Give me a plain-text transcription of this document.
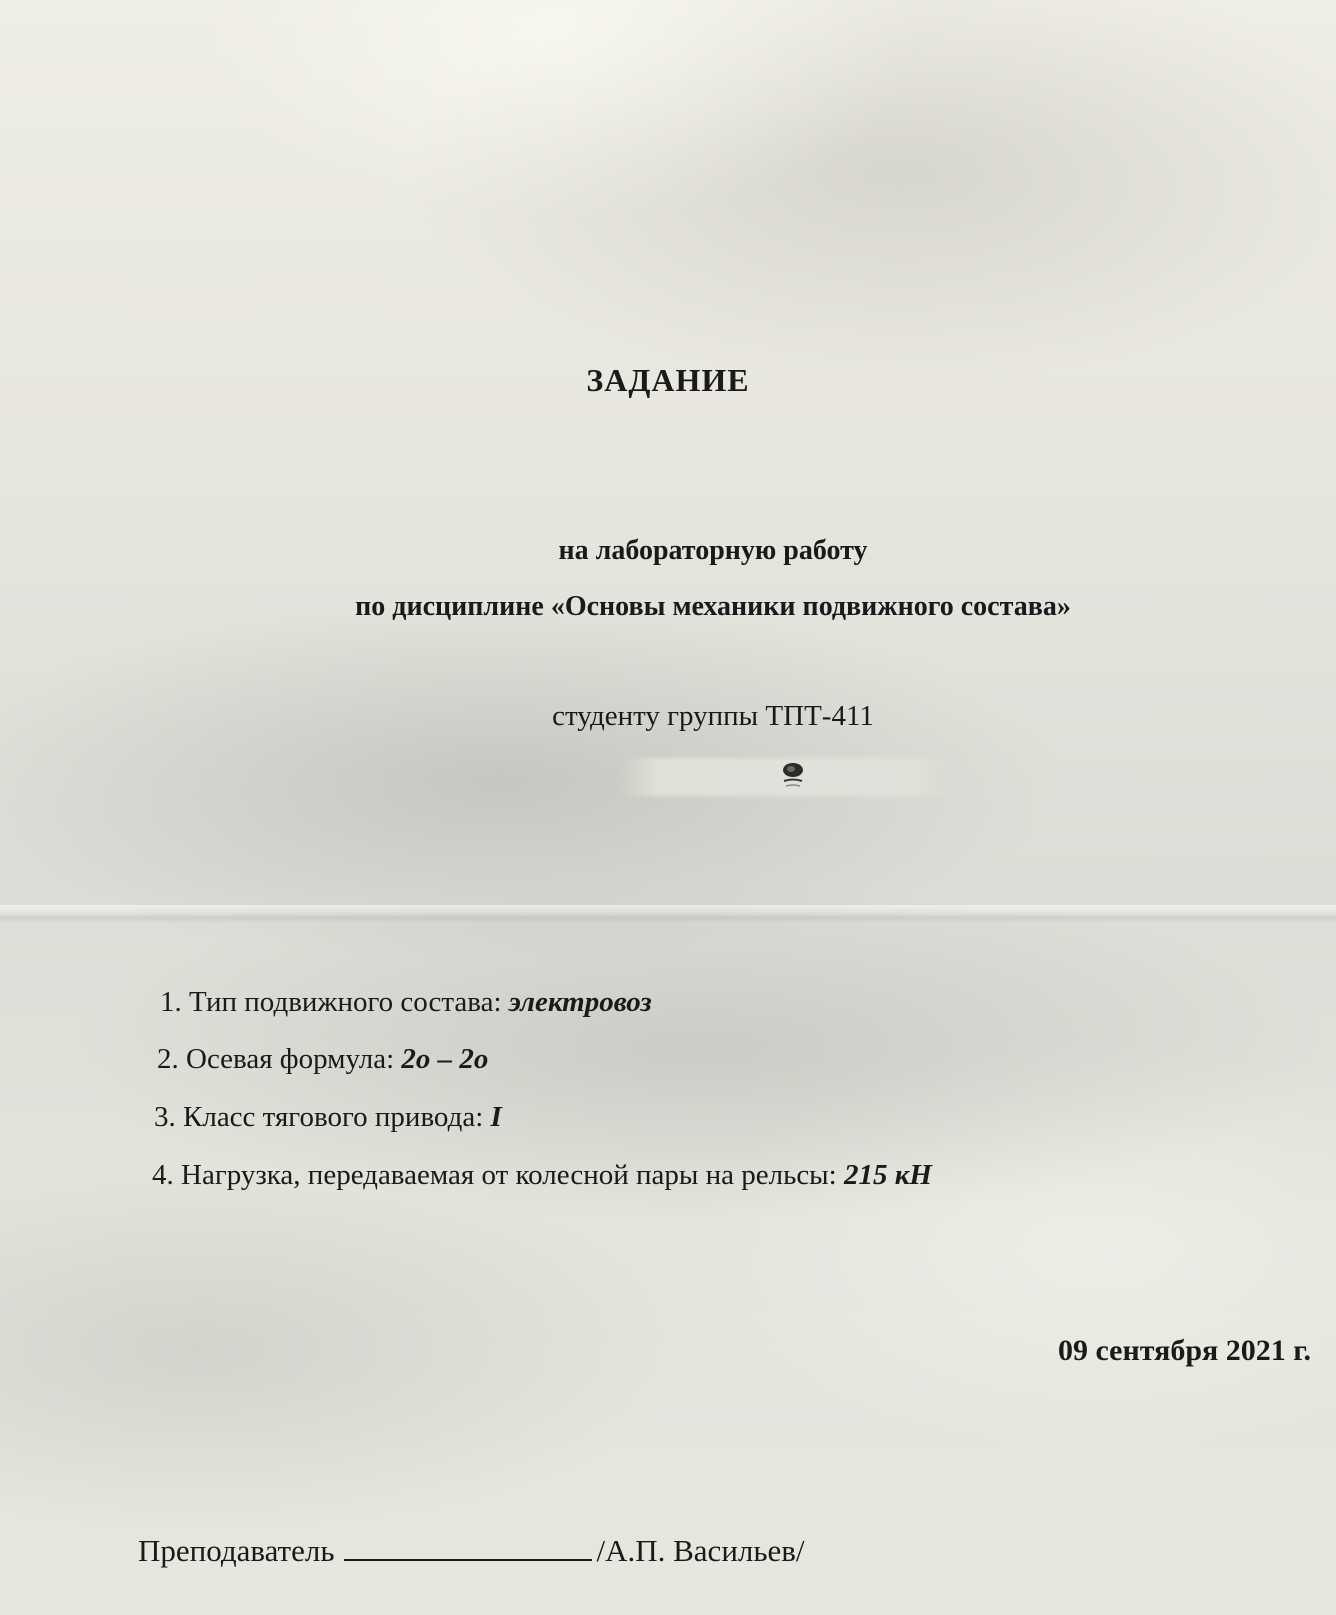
ЗАДАНИЕ
на лабораторную работу
по дисциплине «Основы механики подвижного состава»
студенту группы ТПТ-411
1. Тип подвижного состава: электровоз
2. Осевая формула: 2о – 2о
3. Класс тягового привода: I
4. Нагрузка, передаваемая от колесной пары на рельсы: 215 кН
09 сентября 2021 г.
Преподаватель	/А.П. Васильев/
